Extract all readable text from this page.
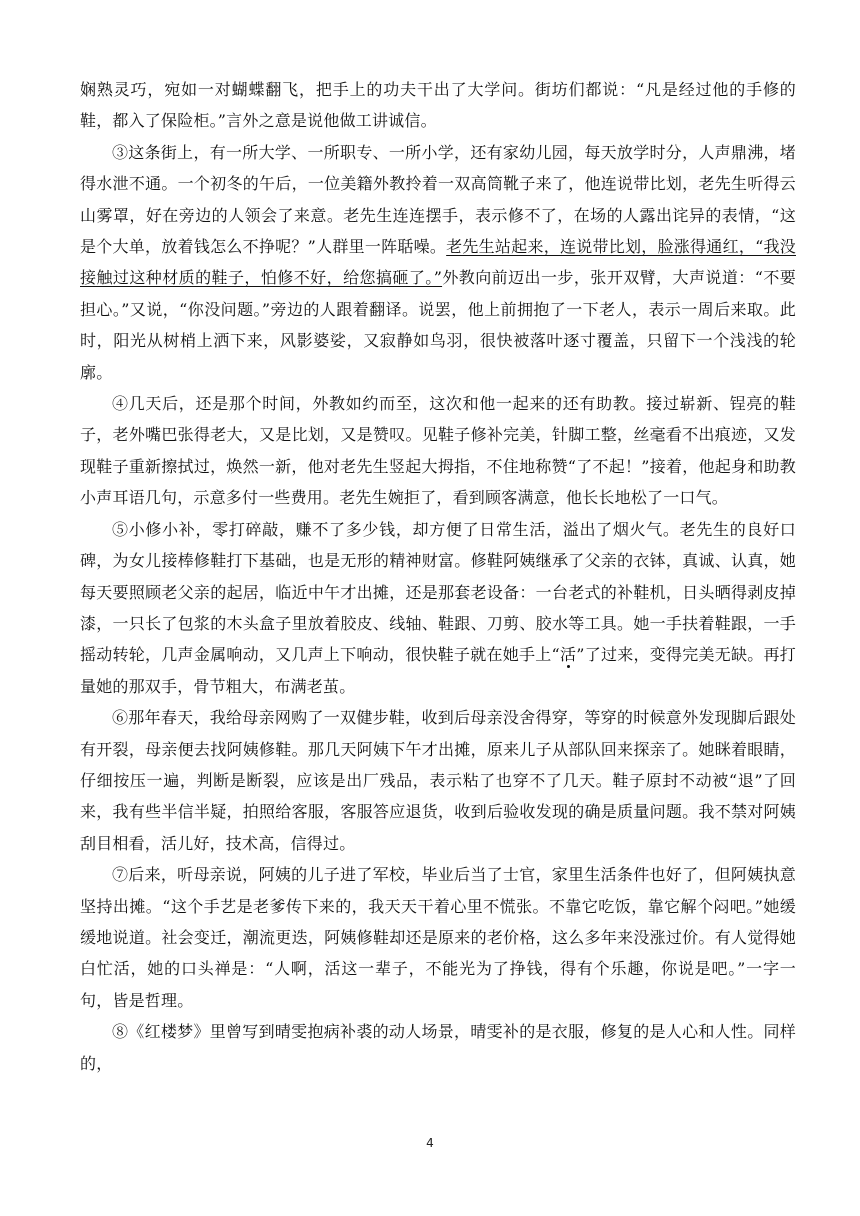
娴熟灵巧，宛如一对蝴蝶翻飞，把手上的功夫干出了大学问。街坊们都说：“凡是经过他的手修的鞋，都入了保险柜。”言外之意是说他做工讲诚信。

③这条街上，有一所大学、一所职专、一所小学，还有家幼儿园，每天放学时分，人声鼎沸，堵得水泄不通。一个初冬的午后，一位美籍外教拎着一双高筒靴子来了，他连说带比划，老先生听得云山雾罩，好在旁边的人领会了来意。老先生连连摆手，表示修不了，在场的人露出诧异的表情，“这是个大单，放着钱怎么不挣呢？”人群里一阵聒噪。老先生站起来，连说带比划，脸涨得通红，“我没接触过这种材质的鞋子，怕修不好，给您搞砸了。”外教向前迈出一步，张开双臂，大声说道：“不要担心。”又说，“你没问题。”旁边的人跟着翻译。说罢，他上前拥抱了一下老人，表示一周后来取。此时，阳光从树梢上洒下来，风影婆娑，又寂静如鸟羽，很快被落叶逐寸覆盖，只留下一个浅浅的轮廓。

④几天后，还是那个时间，外教如约而至，这次和他一起来的还有助教。接过崭新、锃亮的鞋子，老外嘴巴张得老大，又是比划，又是赞叹。见鞋子修补完美，针脚工整，丝毫看不出痕迹，又发现鞋子重新擦拭过，焕然一新，他对老先生竖起大拇指，不住地称赞“了不起！”接着，他起身和助教小声耳语几句，示意多付一些费用。老先生婉拒了，看到顾客满意，他长长地松了一口气。

⑤小修小补，零打碎敲，赚不了多少钱，却方便了日常生活，溢出了烟火气。老先生的良好口碑，为女儿接棒修鞋打下基础，也是无形的精神财富。修鞋阿姨继承了父亲的衣钵，真诚、认真，她每天要照顾老父亲的起居，临近中午才出摊，还是那套老设备：一台老式的补鞋机，日头晒得剥皮掉漆，一只长了包浆的木头盒子里放着胶皮、线轴、鞋跟、刀剪、胶水等工具。她一手扶着鞋跟，一手摇动转轮，几声金属响动，又几声上下响动，很快鞋子就在她手上“活”了过来，变得完美无缺。再打量她的那双手，骨节粗大，布满老茧。

⑥那年春天，我给母亲网购了一双健步鞋，收到后母亲没舍得穿，等穿的时候意外发现脚后跟处有开裂，母亲便去找阿姨修鞋。那几天阿姨下午才出摊，原来儿子从部队回来探亲了。她眯着眼睛，仔细按压一遍，判断是断裂，应该是出厂残品，表示粘了也穿不了几天。鞋子原封不动被“退”了回来，我有些半信半疑，拍照给客服，客服答应退货，收到后验收发现的确是质量问题。我不禁对阿姨刮目相看，活儿好，技术高，信得过。

⑦后来，听母亲说，阿姨的儿子进了军校，毕业后当了士官，家里生活条件也好了，但阿姨执意坚持出摊。“这个手艺是老爹传下来的，我天天干着心里不慌张。不靠它吃饭，靠它解个闷吧。”她缓缓地说道。社会变迁，潮流更迭，阿姨修鞋却还是原来的老价格，这么多年来没涨过价。有人觉得她白忙活，她的口头禅是：“人啊，活这一辈子，不能光为了挣钱，得有个乐趣，你说是吧。”一字一句，皆是哲理。

⑧《红楼梦》里曾写到晴雯抱病补裘的动人场景，晴雯补的是衣服，修复的是人心和人性。同样的，

4
